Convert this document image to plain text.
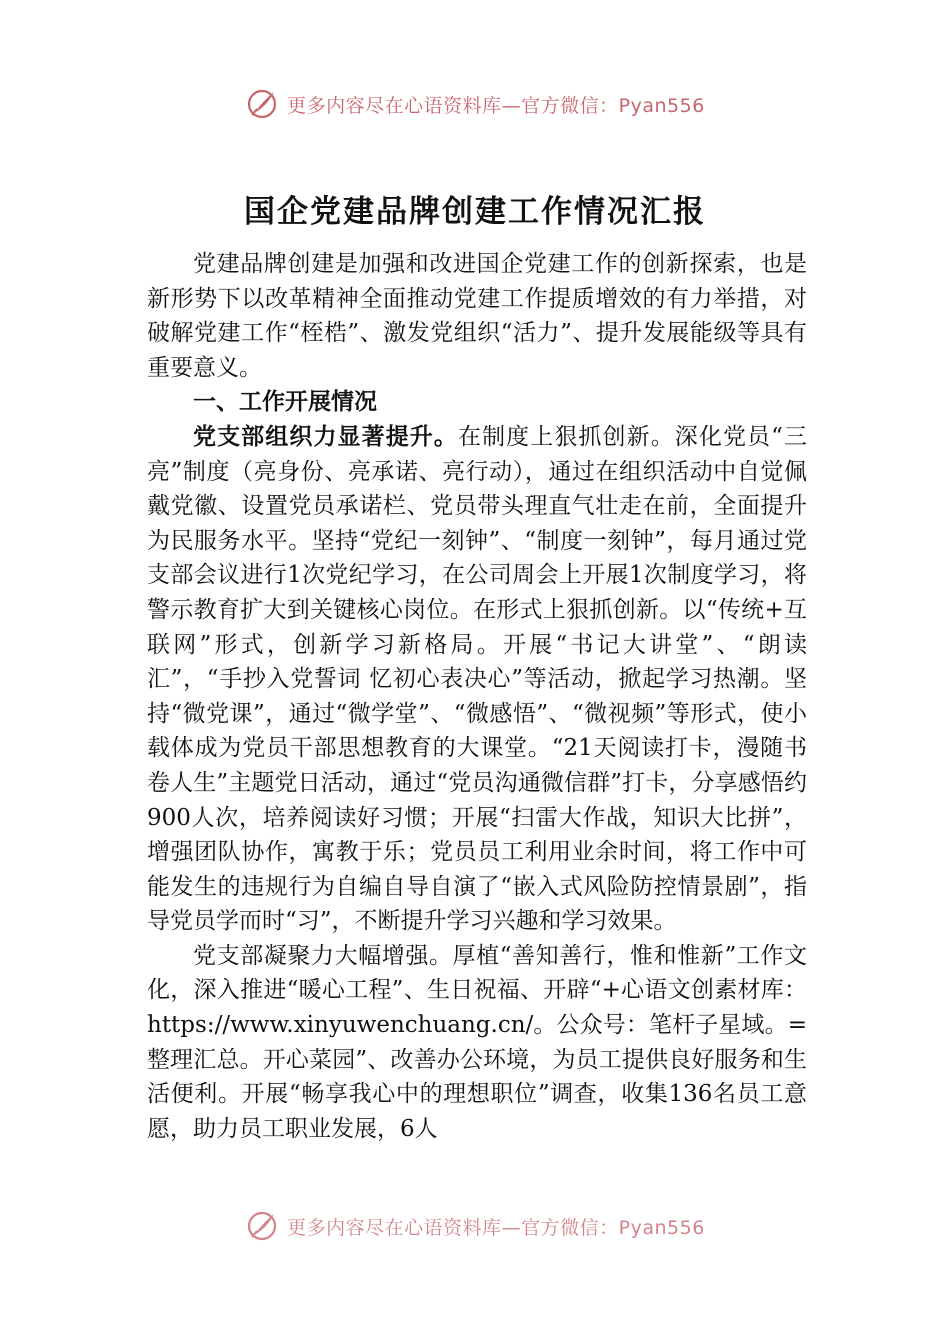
更多内容尽在心语资料库—官方微信：Pyan556
国企党建品牌创建工作情况汇报

党建品牌创建是加强和改进国企党建工作的创新探索，也是新形势下以改革精神全面推动党建工作提质增效的有力举措，对破解党建工作“桎梏”、激发党组织“活力”、提升发展能级等具有重要意义。

一、工作开展情况

党支部组织力显著提升。在制度上狠抓创新。深化党员“三亮”制度（亮身份、亮承诺、亮行动），通过在组织活动中自觉佩戴党徽、设置党员承诺栏、党员带头理直气壮走在前，全面提升为民服务水平。坚持“党纪一刻钟”、“制度一刻钟”，每月通过党支部会议进行1次党纪学习，在公司周会上开展1次制度学习，将警示教育扩大到关键核心岗位。在形式上狠抓创新。以“传统+互联网”形式，创新学习新格局。开展“书记大讲堂”、“朗读汇”，“手抄入党誓词 忆初心表决心”等活动，掀起学习热潮。坚持“微党课”，通过“微学堂”、“微感悟”、“微视频”等形式，使小载体成为党员干部思想教育的大课堂。“21天阅读打卡，漫随书卷人生”主题党日活动，通过“党员沟通微信群”打卡，分享感悟约900人次，培养阅读好习惯；开展“扫雷大作战，知识大比拼”，增强团队协作，寓教于乐；党员员工利用业余时间，将工作中可能发生的违规行为自编自导自演了“嵌入式风险防控情景剧”，指导党员学而时“习”，不断提升学习兴趣和学习效果。

党支部凝聚力大幅增强。厚植“善知善行，惟和惟新”工作文化，深入推进“暖心工程”、生日祝福、开辟“+心语文创素材库：https://www.xinyuwenchuang.cn/。公众号：笔杆子星域。=整理汇总。开心菜园”、改善办公环境，为员工提供良好服务和生活便利。开展“畅享我心中的理想职位”调查，收集136名员工意愿，助力员工职业发展，6人

更多内容尽在心语资料库—官方微信：Pyan556
